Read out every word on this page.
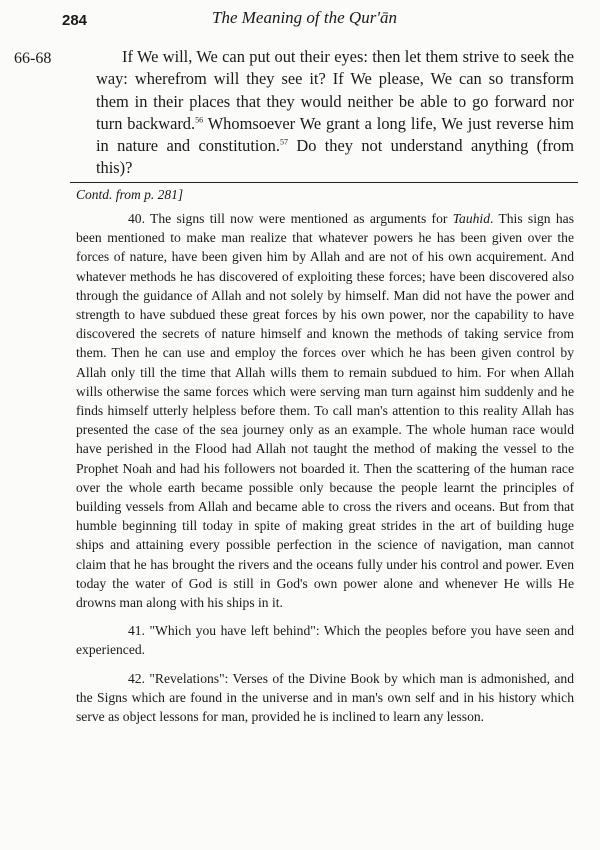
284	The Meaning of the Qur'ān
66-68	If We will, We can put out their eyes: then let them strive to seek the way: wherefrom will they see it? If We please, We can so transform them in their places that they would neither be able to go forward nor turn backward.$^{56}$ Whomsoever We grant a long life, We just reverse him in nature and constitution.$^{57}$ Do they not understand anything (from this)?

Contd. from p. 281]

40. The signs till now were mentioned as arguments for Tauhid. This sign has been mentioned to make man realize that whatever powers he has been given over the forces of nature, have been given him by Allah and are not of his own acquirement. And whatever methods he has discovered of exploiting these forces; have been discovered also through the guidance of Allah and not solely by himself. Man did not have the power and strength to have subdued these great forces by his own power, nor the capability to have discovered the secrets of nature himself and known the methods of taking service from them. Then he can use and employ the forces over which he has been given control by Allah only till the time that Allah wills them to remain subdued to him. For when Allah wills otherwise the same forces which were serving man turn against him suddenly and he finds himself utterly helpless before them. To call man's attention to this reality Allah has presented the case of the sea journey only as an example. The whole human race would have perished in the Flood had Allah not taught the method of making the vessel to the Prophet Noah and had his followers not boarded it. Then the scattering of the human race over the whole earth became possible only because the people learnt the principles of building vessels from Allah and became able to cross the rivers and oceans. But from that humble beginning till today in spite of making great strides in the art of building huge ships and attaining every possible perfection in the science of navigation, man cannot claim that he has brought the rivers and the oceans fully under his control and power. Even today the water of God is still in God's own power alone and whenever He wills He drowns man along with his ships in it.

41. "Which you have left behind": Which the peoples before you have seen and experienced.

42. "Revelations": Verses of the Divine Book by which man is admonished, and the Signs which are found in the universe and in man's own self and in his history which serve as object lessons for man, provided he is inclined to learn any lesson.
